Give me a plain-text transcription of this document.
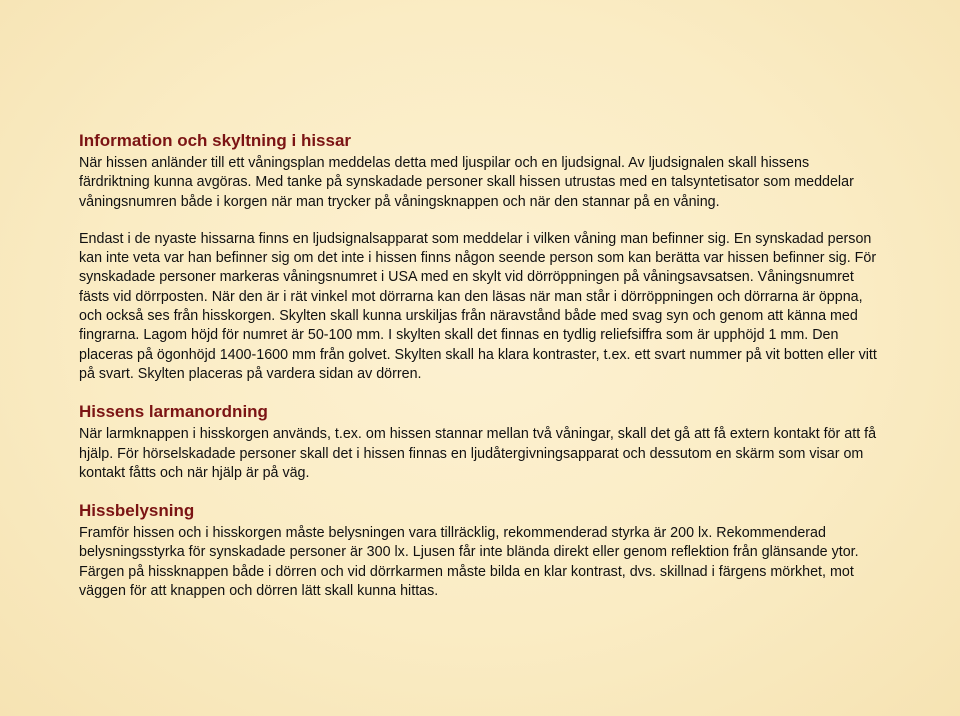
Information och skyltning i hissar

När hissen anländer till ett våningsplan meddelas detta med ljuspilar och en ljudsignal. Av ljudsignalen skall hissens färdriktning kunna avgöras. Med tanke på synskadade personer skall hissen utrustas med en talsyntetisator som meddelar våningsnumren både i korgen när man trycker på våningsknappen och när den stannar på en våning.

Endast i de nyaste hissarna finns en ljudsignalsapparat som meddelar i vilken våning man befinner sig. En synskadad person kan inte veta var han befinner sig om det inte i hissen finns någon seende person som kan berätta var hissen befinner sig. För synskadade personer markeras våningsnumret i USA med en skylt vid dörröppningen på våningsavsatsen. Våningsnumret fästs vid dörrposten. När den är i rät vinkel mot dörrarna kan den läsas när man står i dörröppningen och dörrarna är öppna, och också ses från hisskorgen. Skylten skall kunna urskiljas från näravstånd både med svag syn och genom att känna med fingrarna. Lagom höjd för numret är 50-100 mm. I skylten skall det finnas en tydlig reliefsiffra som är upphöjd 1 mm. Den placeras på ögonhöjd 1400-1600 mm från golvet. Skylten skall ha klara kontraster, t.ex. ett svart nummer på vit botten eller vitt på svart. Skylten placeras på vardera sidan av dörren.

Hissens larmanordning

När larmknappen i hisskorgen används, t.ex. om hissen stannar mellan två våningar, skall det gå att få extern kontakt för att få hjälp. För hörselskadade personer skall det i hissen finnas en ljudåtergivningsapparat och dessutom en skärm som visar om kontakt fåtts och när hjälp är på väg.

Hissbelysning

Framför hissen och i hisskorgen måste belysningen vara tillräcklig, rekommenderad styrka är 200 lx. Rekommenderad belysningsstyrka för synskadade personer är 300 lx. Ljusen får inte blända direkt eller genom reflektion från glänsande ytor. Färgen på hissknappen både i dörren och vid dörrkarmen måste bilda en klar kontrast, dvs. skillnad i färgens mörkhet, mot väggen för att knappen och dörren lätt skall kunna hittas.
